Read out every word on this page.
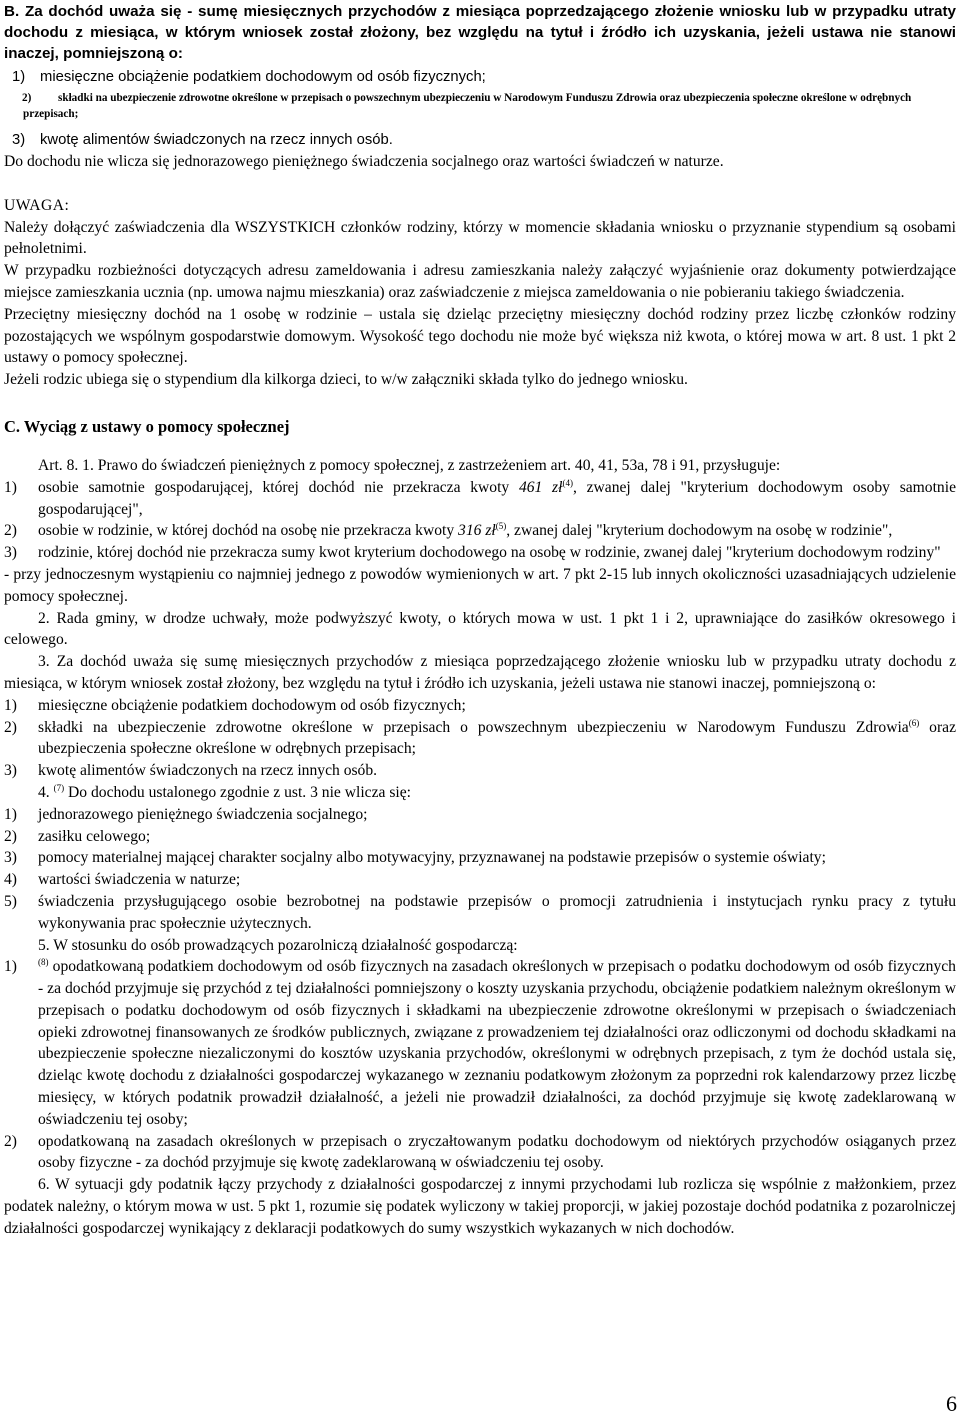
B. Za dochód uważa się - sumę miesięcznych przychodów z miesiąca poprzedzającego złożenie wniosku lub w przypadku utraty dochodu z miesiąca, w którym wniosek został złożony, bez względu na tytuł i źródło ich uzyskania, jeżeli ustawa nie stanowi inaczej, pomniejszoną o:

1)	miesięczne obciążenie podatkiem dochodowym od osób fizycznych;
2)	składki na ubezpieczenie zdrowotne określone w przepisach o powszechnym ubezpieczeniu w Narodowym Funduszu Zdrowia oraz ubezpieczenia społeczne określone w odrębnych przepisach;
3)	kwotę alimentów świadczonych na rzecz innych osób.

Do dochodu nie wlicza się jednorazowego pieniężnego świadczenia socjalnego oraz wartości świadczeń w naturze.

UWAGA:

Należy dołączyć zaświadczenia dla WSZYSTKICH członków rodziny, którzy w momencie składania wniosku o przyznanie stypendium są osobami pełnoletnimi.

W przypadku rozbieżności dotyczących adresu zameldowania i adresu zamieszkania należy załączyć wyjaśnienie oraz dokumenty potwierdzające miejsce zamieszkania ucznia (np. umowa najmu mieszkania) oraz zaświadczenie z miejsca zameldowania o nie pobieraniu takiego świadczenia.

Przeciętny miesięczny dochód na 1 osobę w rodzinie – ustala się dzieląc przeciętny miesięczny dochód rodziny przez liczbę członków rodziny pozostających we wspólnym gospodarstwie domowym. Wysokość tego dochodu nie może być większa niż kwota, o której mowa w art. 8 ust. 1 pkt 2 ustawy o pomocy społecznej.

Jeżeli rodzic ubiega się o stypendium dla kilkorga dzieci, to w/w załączniki składa tylko do jednego wniosku.

C. Wyciąg z ustawy o pomocy społecznej

Art. 8. 1. Prawo do świadczeń pieniężnych z pomocy społecznej, z zastrzeżeniem art. 40, 41, 53a, 78 i 91, przysługuje:

1)	osobie samotnie gospodarującej, której dochód nie przekracza kwoty 461 $zł^{(4)}$, zwanej dalej "kryterium dochodowym osoby samotnie gospodarującej",
2)	osobie w rodzinie, w której dochód na osobę nie przekracza kwoty 316 $zł^{(5)}$, zwanej dalej "kryterium dochodowym na osobę w rodzinie",
3)	rodzinie, której dochód nie przekracza sumy kwot kryterium dochodowego na osobę w rodzinie, zwanej dalej "kryterium dochodowym rodziny"

- przy jednoczesnym wystąpieniu co najmniej jednego z powodów wymienionych w art. 7 pkt 2-15 lub innych okoliczności uzasadniających udzielenie pomocy społecznej.

2. Rada gminy, w drodze uchwały, może podwyższyć kwoty, o których mowa w ust. 1 pkt 1 i 2, uprawniające do zasiłków okresowego i celowego.

3. Za dochód uważa się sumę miesięcznych przychodów z miesiąca poprzedzającego złożenie wniosku lub w przypadku utraty dochodu z miesiąca, w którym wniosek został złożony, bez względu na tytuł i źródło ich uzyskania, jeżeli ustawa nie stanowi inaczej, pomniejszoną o:

1)	miesięczne obciążenie podatkiem dochodowym od osób fizycznych;
2)	składki na ubezpieczenie zdrowotne określone w przepisach o powszechnym ubezpieczeniu w Narodowym Funduszu Zdrowia$^{(6)}$ oraz ubezpieczenia społeczne określone w odrębnych przepisach;
3)	kwotę alimentów świadczonych na rzecz innych osób.

4. $^{(7)}$ Do dochodu ustalonego zgodnie z ust. 3 nie wlicza się:

1)	jednorazowego pieniężnego świadczenia socjalnego;
2)	zasiłku celowego;
3)	pomocy materialnej mającej charakter socjalny albo motywacyjny, przyznawanej na podstawie przepisów o systemie oświaty;
4)	wartości świadczenia w naturze;
5)	świadczenia przysługującego osobie bezrobotnej na podstawie przepisów o promocji zatrudnienia i instytucjach rynku pracy z tytułu wykonywania prac społecznie użytecznych.

5. W stosunku do osób prowadzących pozarolniczą działalność gospodarczą:

1)	$^{(8)}$ opodatkowaną podatkiem dochodowym od osób fizycznych na zasadach określonych w przepisach o podatku dochodowym od osób fizycznych - za dochód przyjmuje się przychód z tej działalności pomniejszony o koszty uzyskania przychodu, obciążenie podatkiem należnym określonym w przepisach o podatku dochodowym od osób fizycznych i składkami na ubezpieczenie zdrowotne określonymi w przepisach o świadczeniach opieki zdrowotnej finansowanych ze środków publicznych, związane z prowadzeniem tej działalności oraz odliczonymi od dochodu składkami na ubezpieczenie społeczne niezaliczonymi do kosztów uzyskania przychodów, określonymi w odrębnych przepisach, z tym że dochód ustala się, dzieląc kwotę dochodu z działalności gospodarczej wykazanego w zeznaniu podatkowym złożonym za poprzedni rok kalendarzowy przez liczbę miesięcy, w których podatnik prowadził działalność, a jeżeli nie prowadził działalności, za dochód przyjmuje się kwotę zadeklarowaną w oświadczeniu tej osoby;
2)	opodatkowaną na zasadach określonych w przepisach o zryczałtowanym podatku dochodowym od niektórych przychodów osiąganych przez osoby fizyczne - za dochód przyjmuje się kwotę zadeklarowaną w oświadczeniu tej osoby.

6. W sytuacji gdy podatnik łączy przychody z działalności gospodarczej z innymi przychodami lub rozlicza się wspólnie z małżonkiem, przez podatek należny, o którym mowa w ust. 5 pkt 1, rozumie się podatek wyliczony w takiej proporcji, w jakiej pozostaje dochód podatnika z pozarolniczej działalności gospodarczej wynikający z deklaracji podatkowych do sumy wszystkich wykazanych w nich dochodów.

6
